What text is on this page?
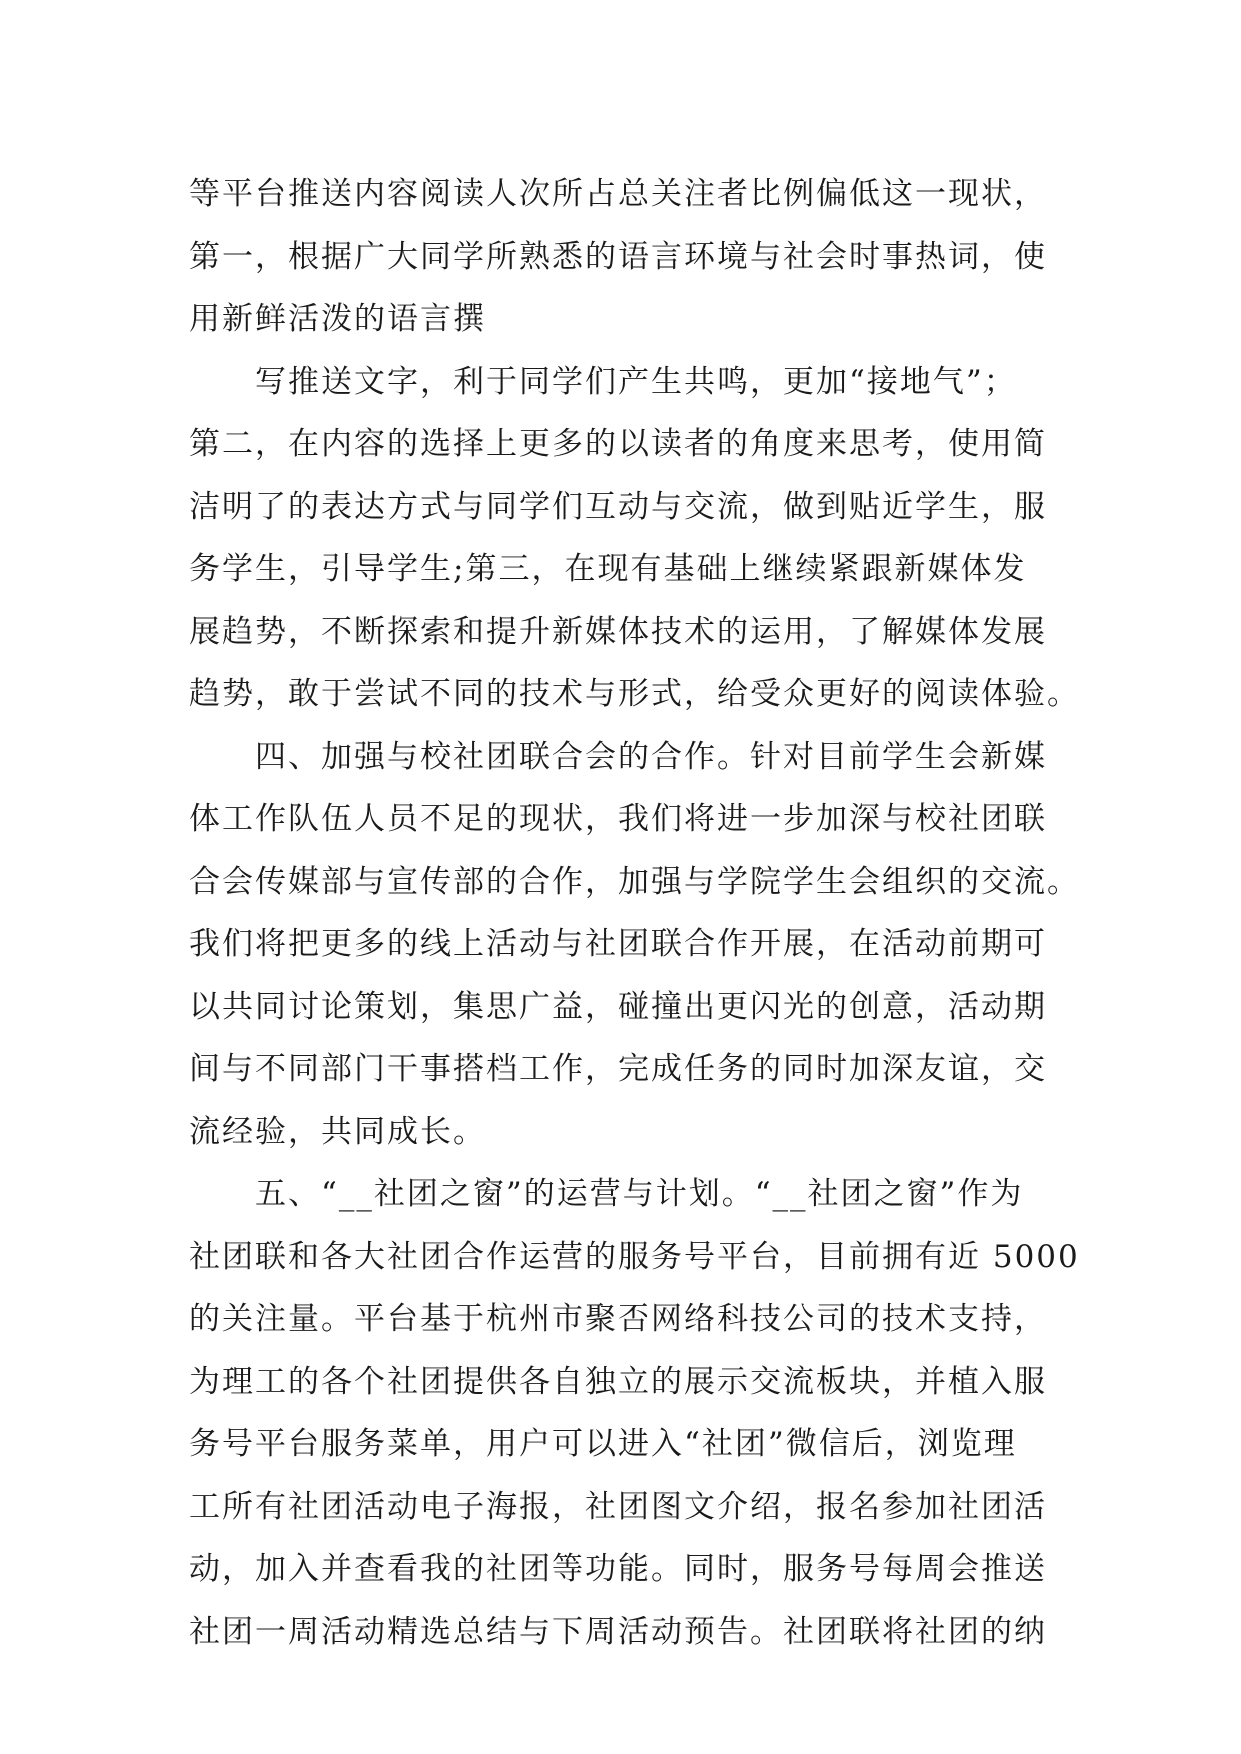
等平台推送内容阅读人次所占总关注者比例偏低这一现状，
第一，根据广大同学所熟悉的语言环境与社会时事热词，使
用新鲜活泼的语言撰

写推送文字，利于同学们产生共鸣，更加“接地气”；
第二，在内容的选择上更多的以读者的角度来思考，使用简
洁明了的表达方式与同学们互动与交流，做到贴近学生，服
务学生，引导学生;第三，在现有基础上继续紧跟新媒体发
展趋势，不断探索和提升新媒体技术的运用，了解媒体发展
趋势，敢于尝试不同的技术与形式，给受众更好的阅读体验。

四、加强与校社团联合会的合作。针对目前学生会新媒
体工作队伍人员不足的现状，我们将进一步加深与校社团联
合会传媒部与宣传部的合作，加强与学院学生会组织的交流。
我们将把更多的线上活动与社团联合作开展，在活动前期可
以共同讨论策划，集思广益，碰撞出更闪光的创意，活动期
间与不同部门干事搭档工作，完成任务的同时加深友谊，交
流经验，共同成长。

五、“__社团之窗”的运营与计划。“__社团之窗”作为
社团联和各大社团合作运营的服务号平台，目前拥有近 5000
的关注量。平台基于杭州市聚否网络科技公司的技术支持，
为理工的各个社团提供各自独立的展示交流板块，并植入服
务号平台服务菜单，用户可以进入“社团”微信后，浏览理
工所有社团活动电子海报，社团图文介绍，报名参加社团活
动，加入并查看我的社团等功能。同时，服务号每周会推送
社团一周活动精选总结与下周活动预告。社团联将社团的纳
